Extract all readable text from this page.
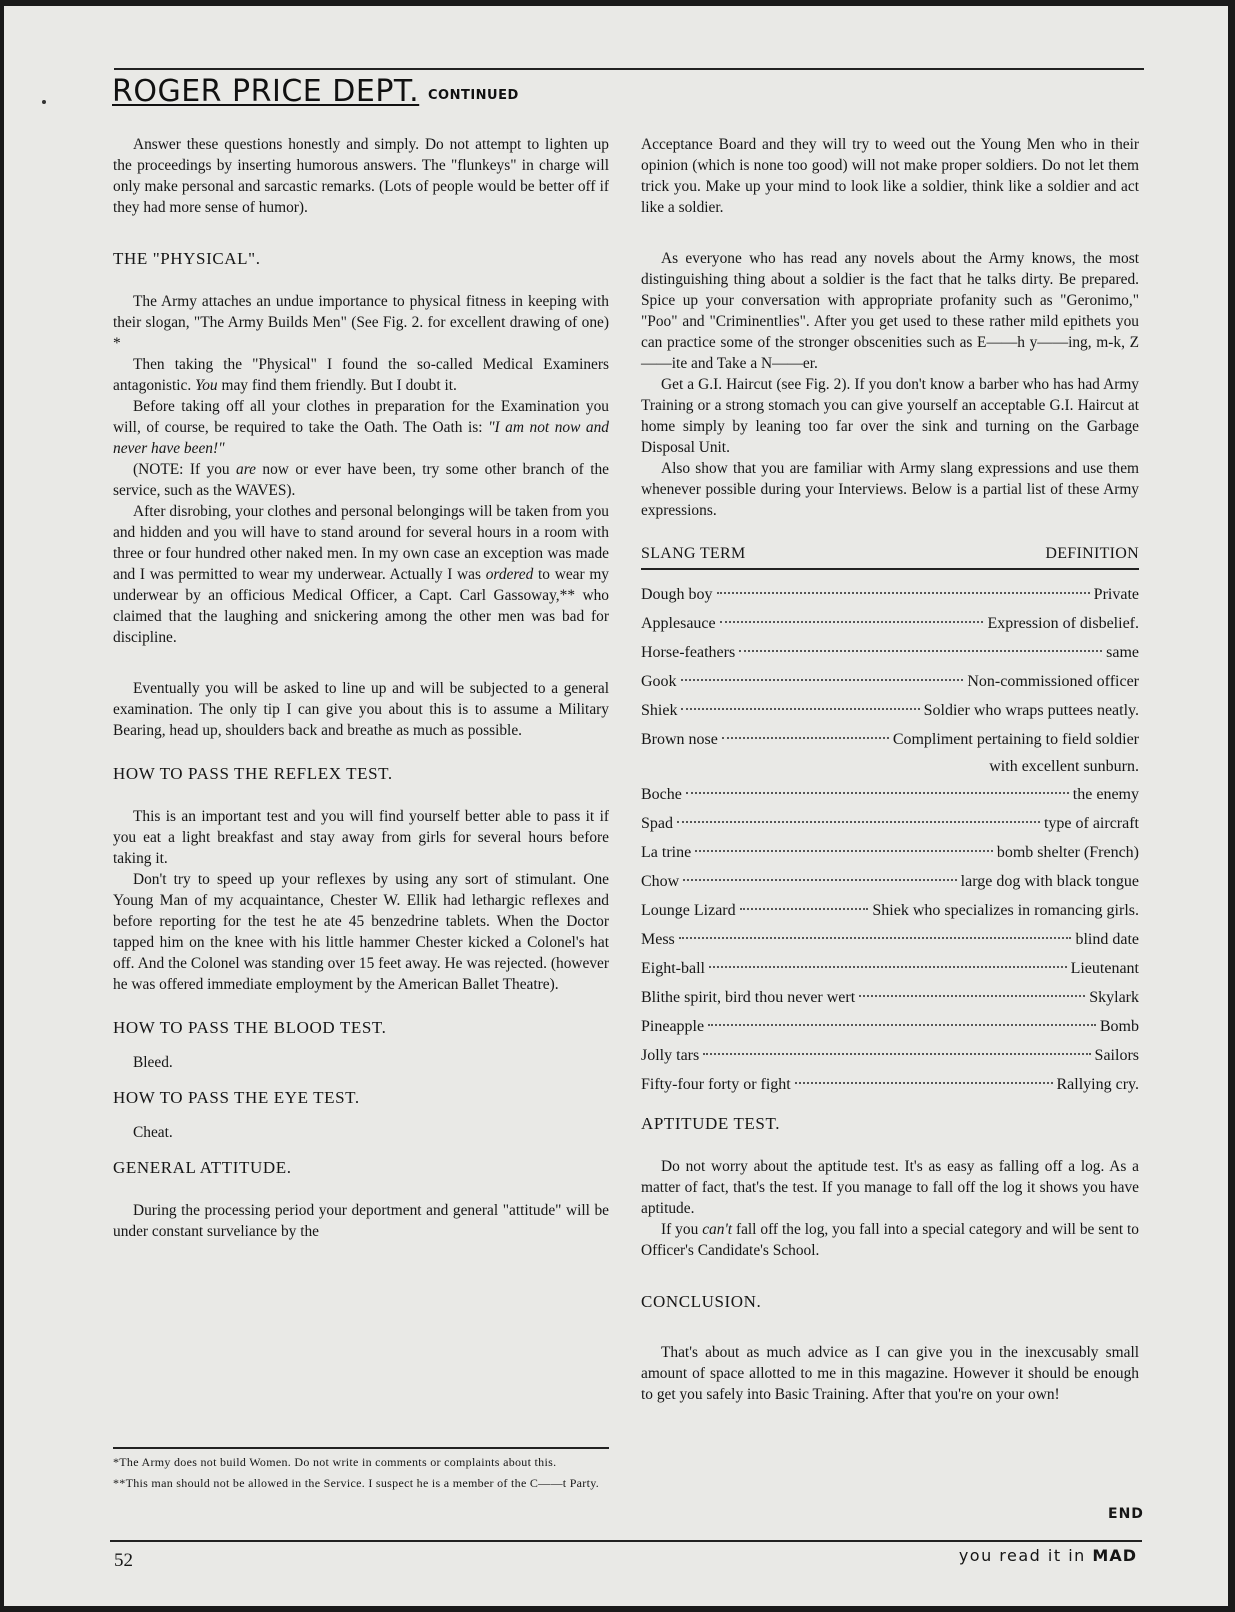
ROGER PRICE DEPT. CONTINUED

Answer these questions honestly and simply. Do not attempt to lighten up the proceedings by inserting humorous answers. The "flunkeys" in charge will only make personal and sarcastic remarks. (Lots of people would be better off if they had more sense of humor).

THE "PHYSICAL".

The Army attaches an undue importance to physical fitness in keeping with their slogan, "The Army Builds Men" (See Fig. 2. for excellent drawing of one) *

Then taking the "Physical" I found the so-called Medical Examiners antagonistic. You may find them friendly. But I doubt it.

Before taking off all your clothes in preparation for the Examination you will, of course, be required to take the Oath. The Oath is: "I am not now and never have been!"

(NOTE: If you are now or ever have been, try some other branch of the service, such as the WAVES).

After disrobing, your clothes and personal belongings will be taken from you and hidden and you will have to stand around for several hours in a room with three or four hundred other naked men. In my own case an exception was made and I was permitted to wear my underwear. Actually I was ordered to wear my underwear by an officious Medical Officer, a Capt. Carl Gassoway,** who claimed that the laughing and snickering among the other men was bad for discipline.

Eventually you will be asked to line up and will be subjected to a general examination. The only tip I can give you about this is to assume a Military Bearing, head up, shoulders back and breathe as much as possible.

HOW TO PASS THE REFLEX TEST.

This is an important test and you will find yourself better able to pass it if you eat a light breakfast and stay away from girls for several hours before taking it.

Don't try to speed up your reflexes by using any sort of stimulant. One Young Man of my acquaintance, Chester W. Ellik had lethargic reflexes and before reporting for the test he ate 45 benzedrine tablets. When the Doctor tapped him on the knee with his little hammer Chester kicked a Colonel's hat off. And the Colonel was standing over 15 feet away. He was rejected. (however he was offered immediate employment by the American Ballet Theatre).

HOW TO PASS THE BLOOD TEST.

Bleed.

HOW TO PASS THE EYE TEST.

Cheat.

GENERAL ATTITUDE.

During the processing period your deportment and general "attitude" will be under constant surveliance by the

*The Army does not build Women. Do not write in comments or complaints about this.
**This man should not be allowed in the Service. I suspect he is a member of the C——t Party.

Acceptance Board and they will try to weed out the Young Men who in their opinion (which is none too good) will not make proper soldiers. Do not let them trick you. Make up your mind to look like a soldier, think like a soldier and act like a soldier.

As everyone who has read any novels about the Army knows, the most distinguishing thing about a soldier is the fact that he talks dirty. Be prepared. Spice up your conversation with appropriate profanity such as "Geronimo," "Poo" and "Criminentlies". After you get used to these rather mild epithets you can practice some of the stronger obscenities such as E——h y——ing, m-k, Z——ite and Take a N——er.

Get a G.I. Haircut (see Fig. 2). If you don't know a barber who has had Army Training or a strong stomach you can give yourself an acceptable G.I. Haircut at home simply by leaning too far over the sink and turning on the Garbage Disposal Unit.

Also show that you are familiar with Army slang expressions and use them whenever possible during your Interviews. Below is a partial list of these Army expressions.

SLANG TERM	DEFINITION
Dough boy	Private
Applesauce	Expression of disbelief.
Horse-feathers	same
Gook	Non-commissioned officer
Shiek	Soldier who wraps puttees neatly.
Brown nose	Compliment pertaining to field soldier
with excellent sunburn.
Boche	the enemy
Spad	type of aircraft
La trine	bomb shelter (French)
Chow	large dog with black tongue
Lounge Lizard	Shiek who specializes in romancing girls.
Mess	blind date
Eight-ball	Lieutenant
Blithe spirit, bird thou never wert	Skylark
Pineapple	Bomb
Jolly tars	Sailors
Fifty-four forty or fight	Rallying cry.
APTITUDE TEST.

Do not worry about the aptitude test. It's as easy as falling off a log. As a matter of fact, that's the test. If you manage to fall off the log it shows you have aptitude.

If you can't fall off the log, you fall into a special category and will be sent to Officer's Candidate's School.

CONCLUSION.

That's about as much advice as I can give you in the inexcusably small amount of space allotted to me in this magazine. However it should be enough to get you safely into Basic Training. After that you're on your own!

END
52	you read it in MAD
